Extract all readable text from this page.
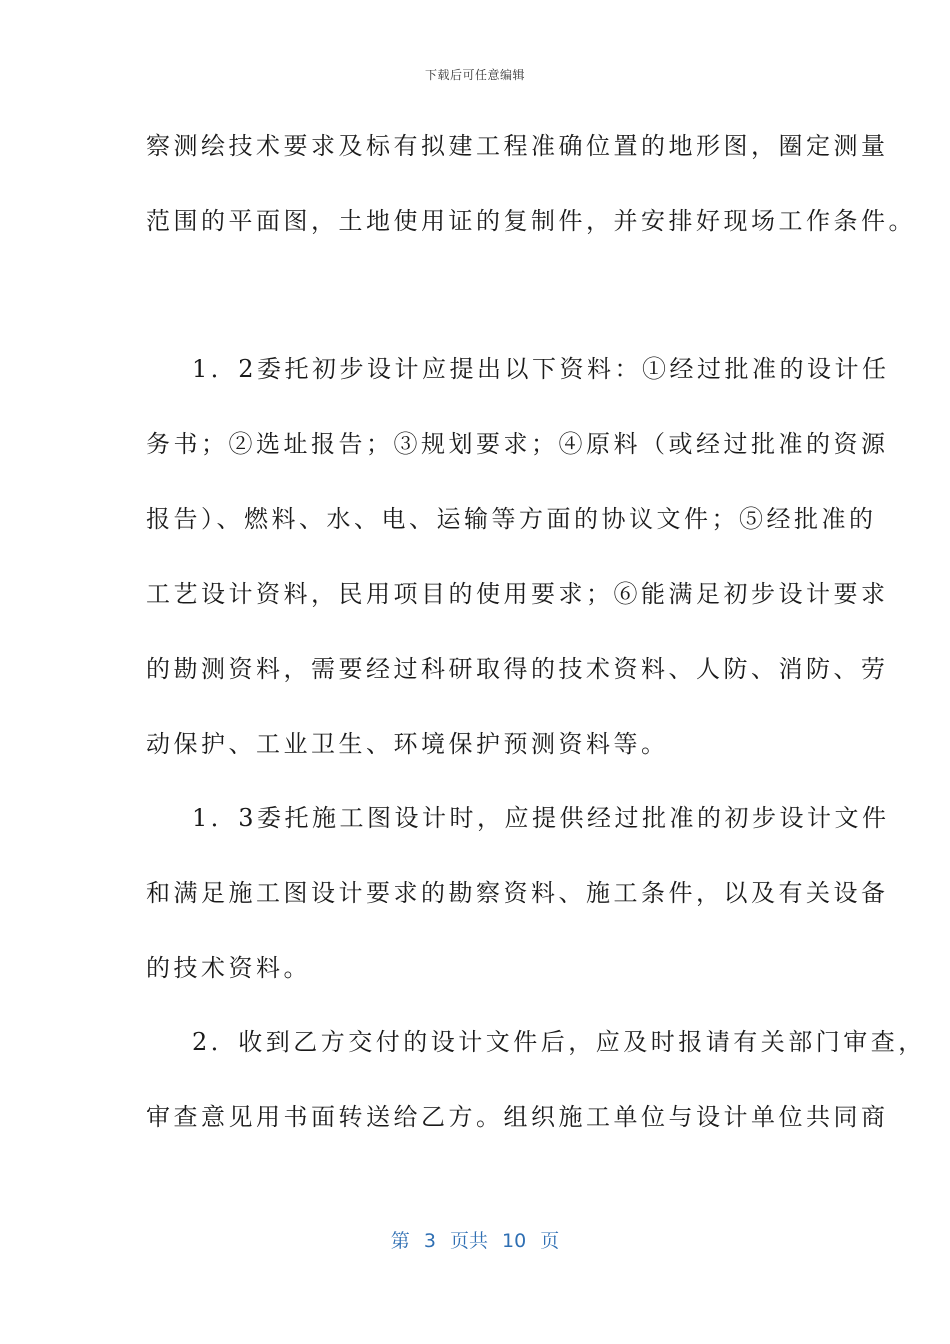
下载后可任意编辑
察测绘技术要求及标有拟建工程准确位置的地形图，圈定测量
范围的平面图，土地使用证的复制件，并安排好现场工作条件。
1．2委托初步设计应提出以下资料：①经过批准的设计任
务书；②选址报告；③规划要求；④原料（或经过批准的资源
报告）、燃料、水、电、运输等方面的协议文件；⑤经批准的
工艺设计资料，民用项目的使用要求；⑥能满足初步设计要求
的勘测资料，需要经过科研取得的技术资料、人防、消防、劳
动保护、工业卫生、环境保护预测资料等。
1．3委托施工图设计时，应提供经过批准的初步设计文件
和满足施工图设计要求的勘察资料、施工条件，以及有关设备
的技术资料。
2．收到乙方交付的设计文件后，应及时报请有关部门审查，
审查意见用书面转送给乙方。组织施工单位与设计单位共同商
第 3 页共 10 页
